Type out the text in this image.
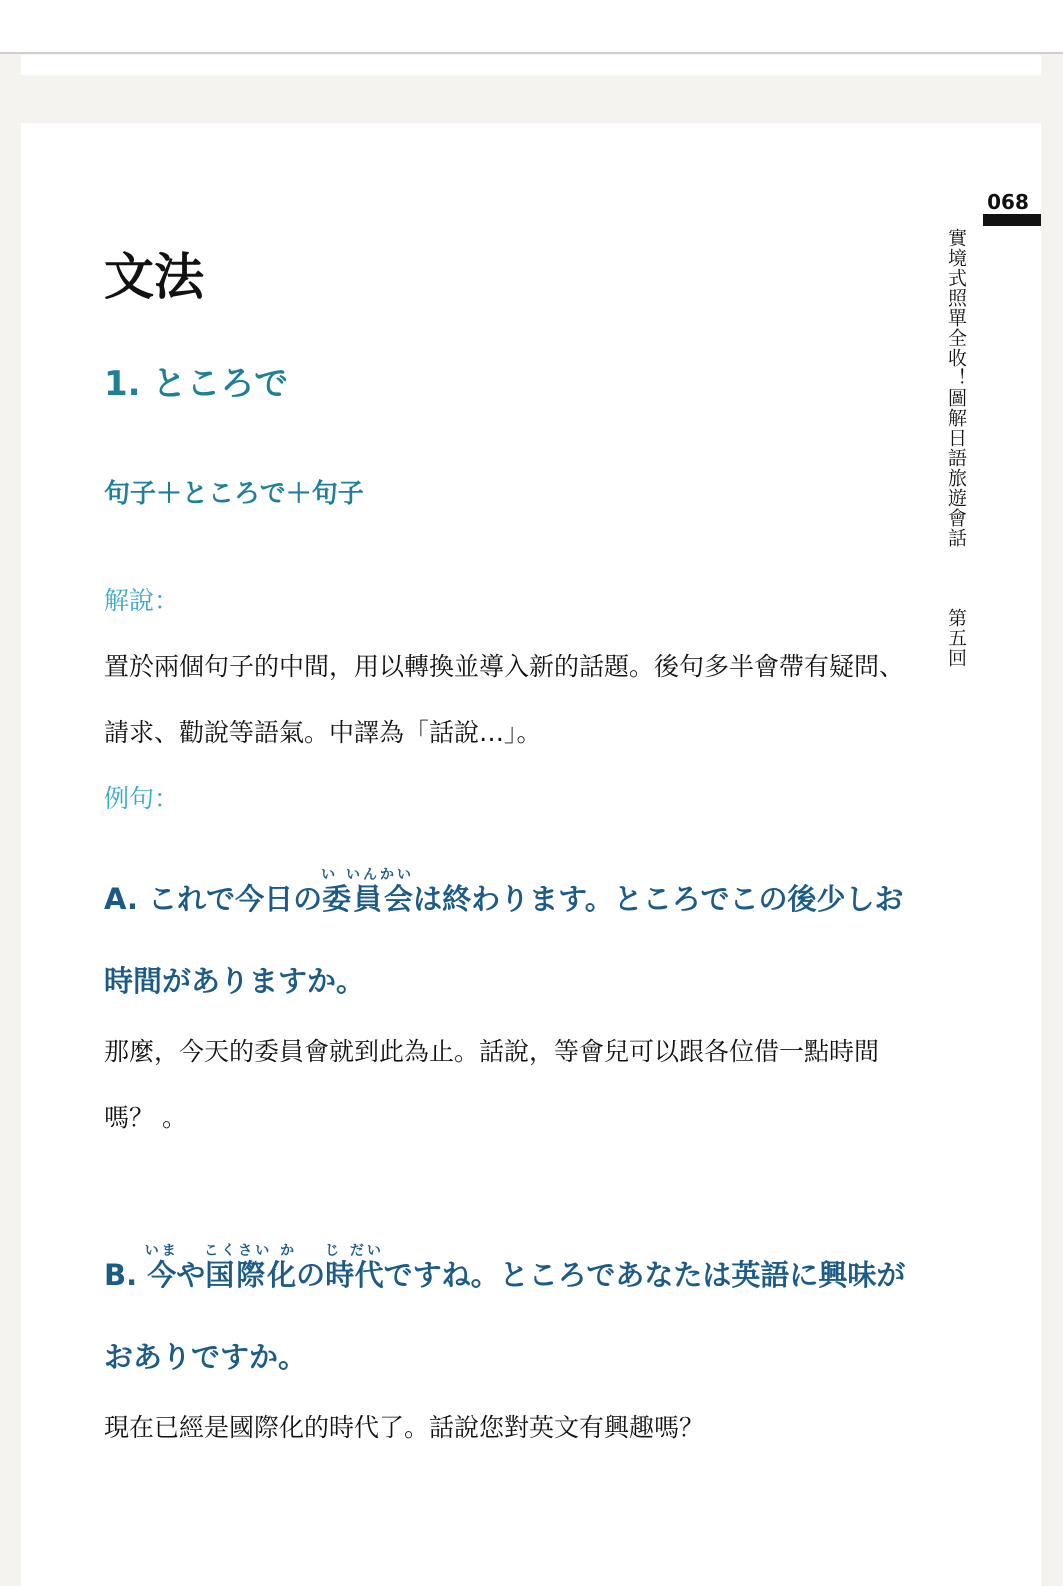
068
實境式照單全收！圖解日語旅遊會話
第五回
文法
1. ところで
句子＋ところで＋句子
解說：
置於兩個句子的中間，用以轉換並導入新的話題。後句多半會帶有疑問、請求、勸說等語氣。中譯為「話說…」。
例句：
A. これで今日の委員会い いんかいは終わります。ところでこの後少しお時間がありますか。
那麼，今天的委員會就到此為止。話說，等會兒可以跟各位借一點時間嗎？ 。
B. 今いまや国際化こくさい かの時代じ だいですね。ところであなたは英語に興味がおありですか。
現在已經是國際化的時代了。話說您對英文有興趣嗎？
